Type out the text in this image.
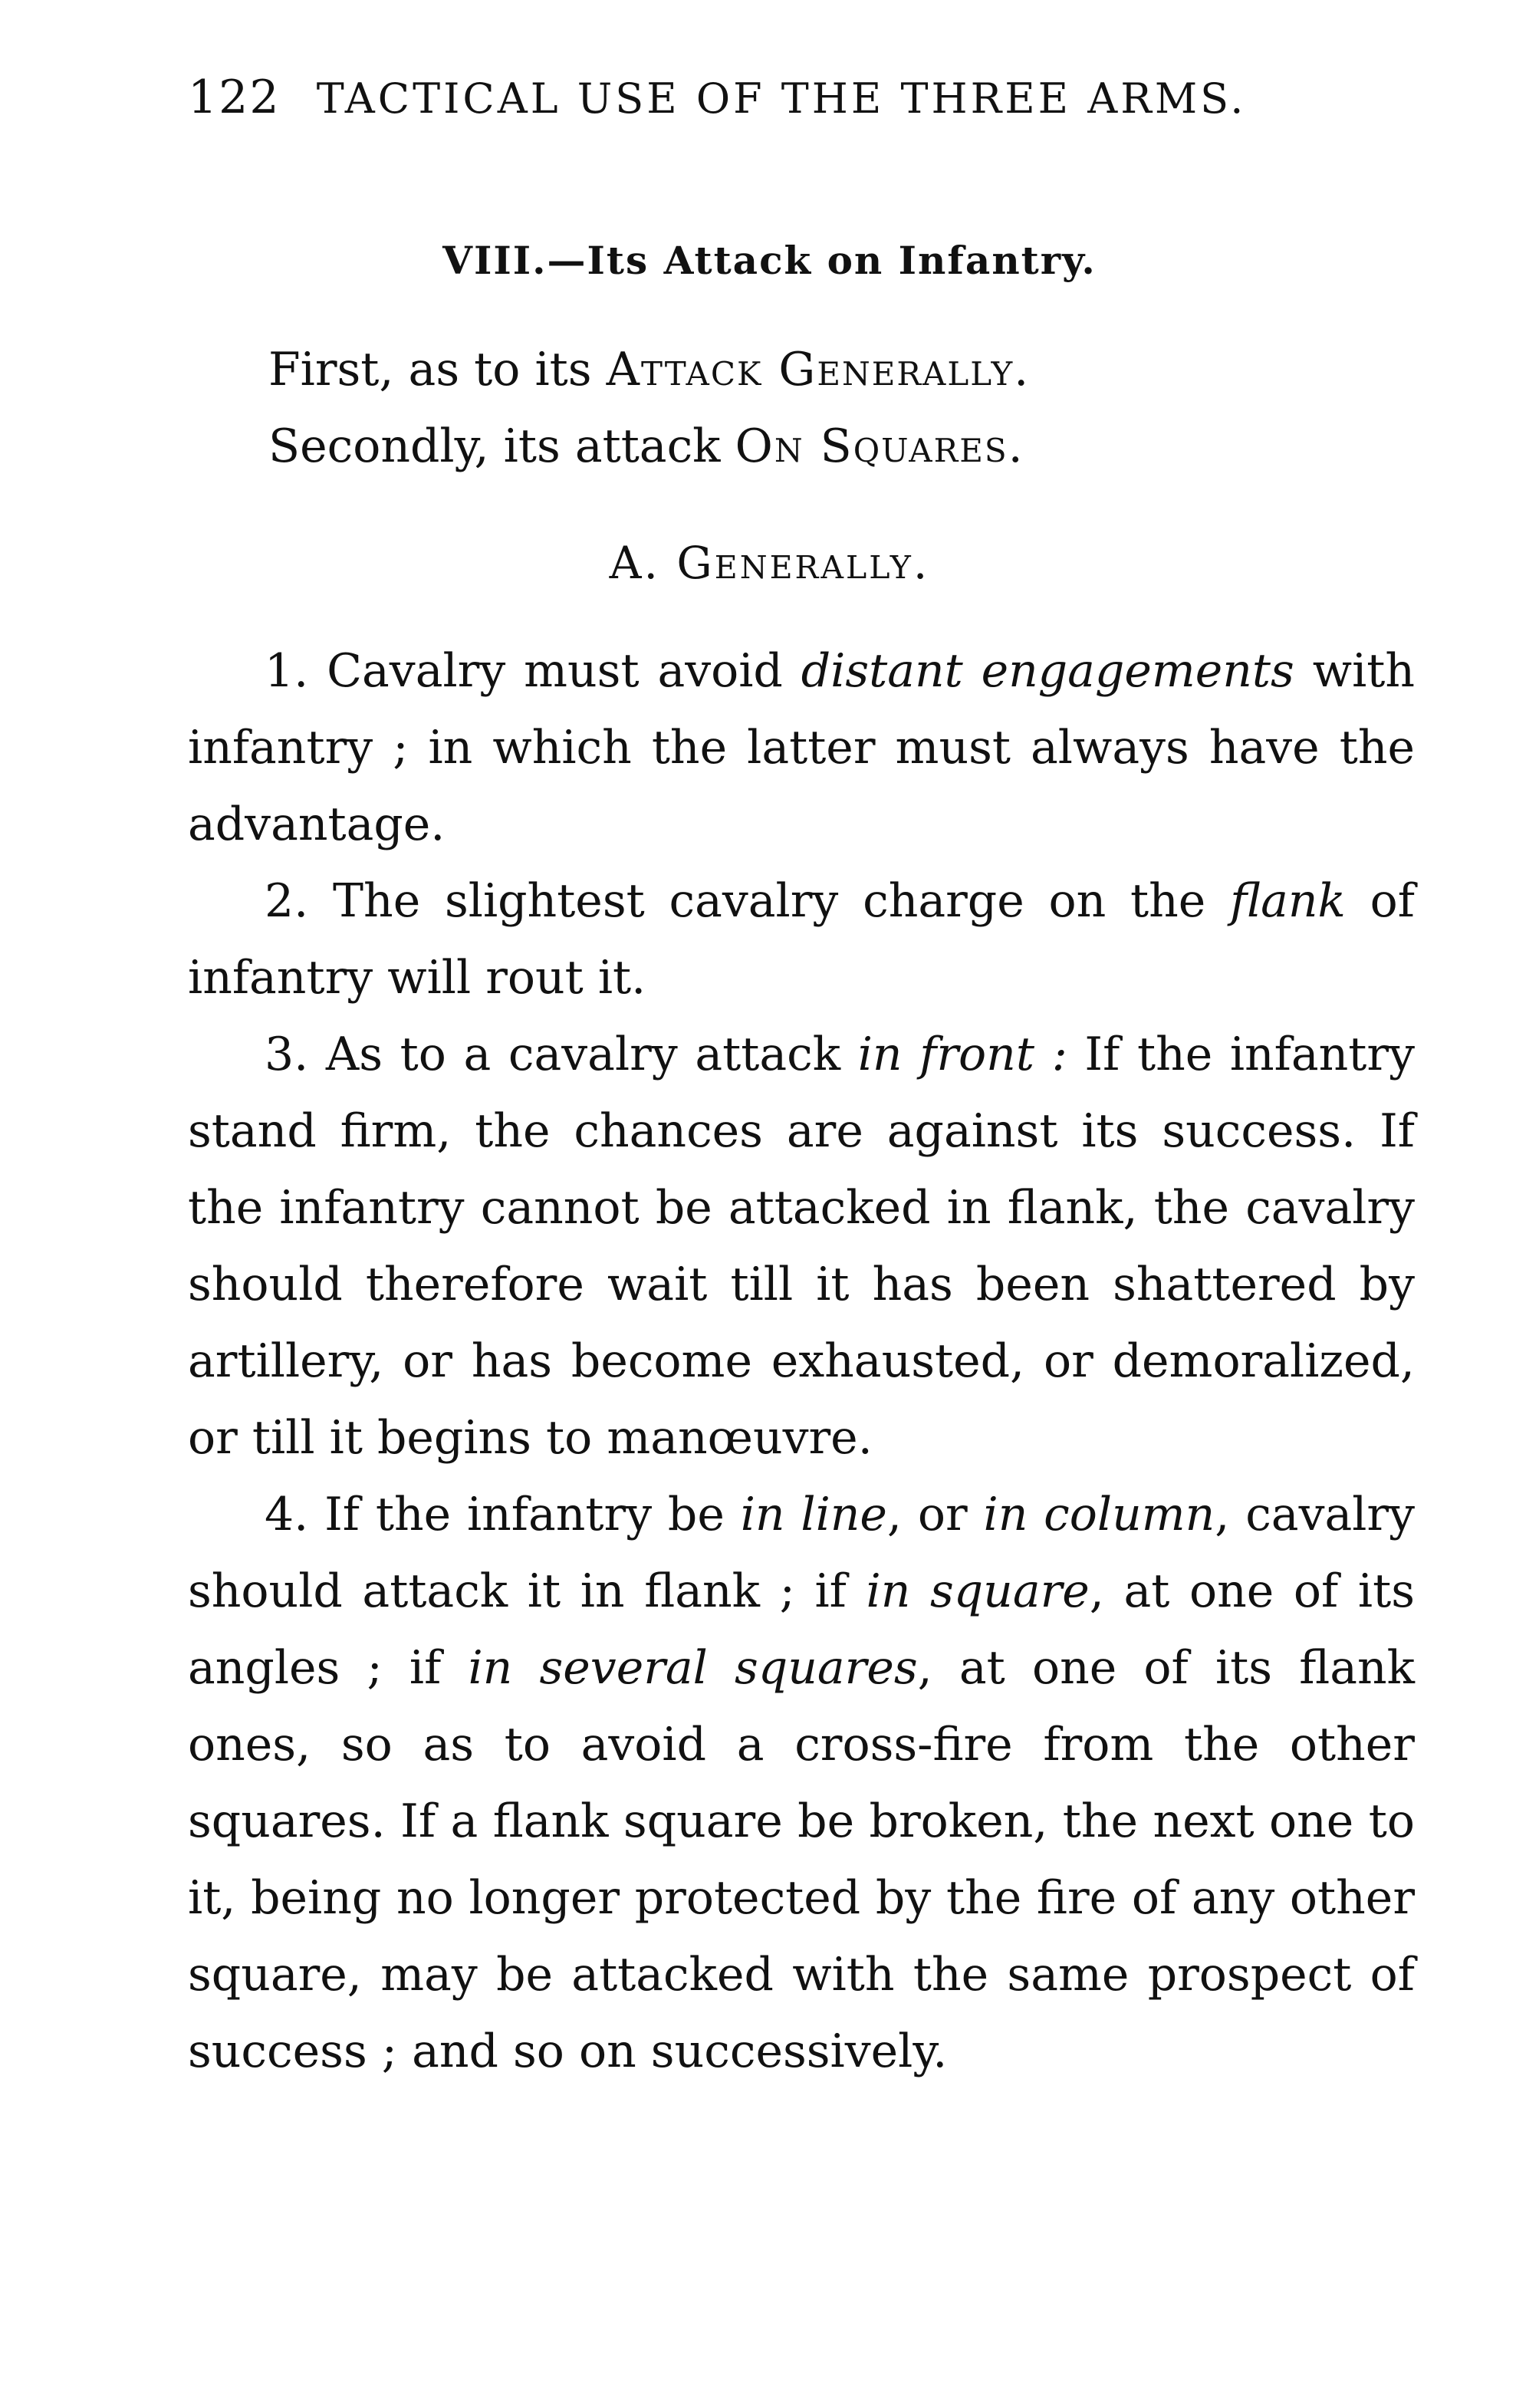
122 TACTICAL USE OF THE THREE ARMS.
VIII.—Its Attack on Infantry.
First, as to its Attack Generally.
Secondly, its attack On Squares.
A. Generally.

1. Cavalry must avoid distant engagements with infantry ; in which the latter must always have the advantage.

2. The slightest cavalry charge on the flank of infantry will rout it.

3. As to a cavalry attack in front : If the infantry stand firm, the chances are against its success. If the infantry cannot be attacked in flank, the cavalry should therefore wait till it has been shattered by artillery, or has become exhausted, or demoralized, or till it begins to manœuvre.

4. If the infantry be in line, or in column, cavalry should attack it in flank ; if in square, at one of its angles ; if in several squares, at one of its flank ones, so as to avoid a cross-fire from the other squares. If a flank square be broken, the next one to it, being no longer protected by the fire of any other square, may be attacked with the same prospect of success ; and so on successively.
